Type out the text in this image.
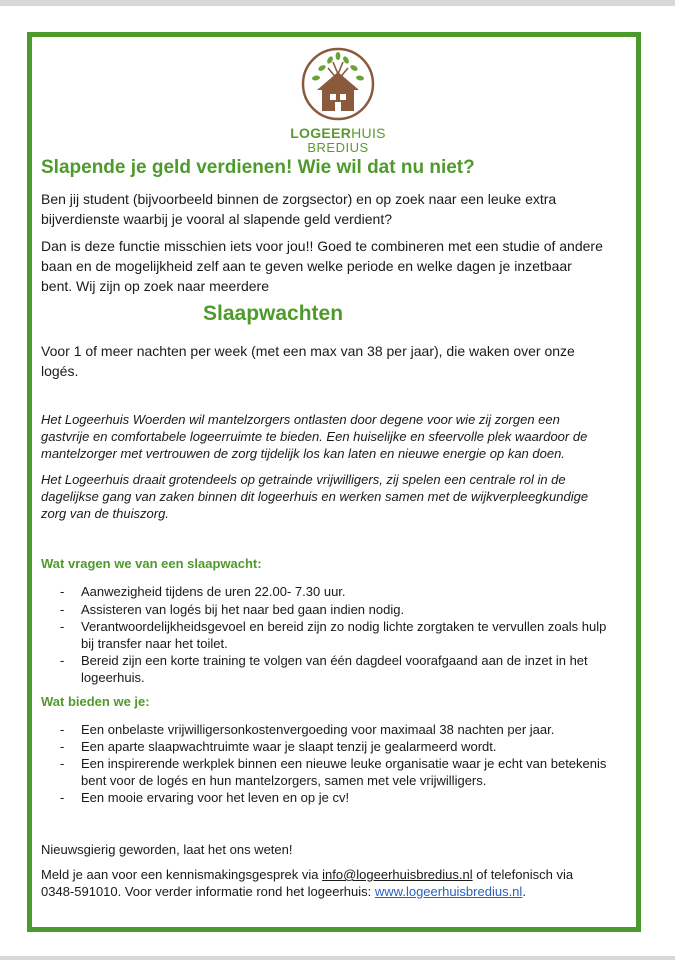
LOGEERHUIS
BREDIUS
Slapende je geld verdienen! Wie wil dat nu niet?
Ben jij student (bijvoorbeeld binnen de zorgsector) en op zoek naar een leuke extra
bijverdienste waarbij je vooral al slapende geld verdient?
Dan is deze functie misschien iets voor jou!! Goed te combineren met een studie of andere
baan en de mogelijkheid zelf aan te geven welke periode en welke dagen je inzetbaar
bent. Wij zijn op zoek naar meerdere
Slaapwachten
Voor 1 of meer nachten per week (met een max van 38 per jaar), die waken over onze
logés.
Het Logeerhuis Woerden wil mantelzorgers ontlasten door degene voor wie zij zorgen een
gastvrije en comfortabele logeerruimte te bieden. Een huiselijke en sfeervolle plek waardoor de
mantelzorger met vertrouwen de zorg tijdelijk los kan laten en nieuwe energie op kan doen.
Het Logeerhuis draait grotendeels op getrainde vrijwilligers, zij spelen een centrale rol in de
dagelijkse gang van zaken binnen dit logeerhuis en werken samen met de wijkverpleegkundige
zorg van de thuiszorg.
Wat vragen we van een slaapwacht:
- Aanwezigheid tijdens de uren 22.00- 7.30 uur.
- Assisteren van logés bij het naar bed gaan indien nodig.
- Verantwoordelijkheidsgevoel en bereid zijn zo nodig lichte zorgtaken te vervullen zoals hulp
bij transfer naar het toilet.
- Bereid zijn een korte training te volgen van één dagdeel voorafgaand aan de inzet in het
logeerhuis.
Wat bieden we je:
- Een onbelaste vrijwilligersonkostenvergoeding voor maximaal 38 nachten per jaar.
- Een aparte slaapwachtruimte waar je slaapt tenzij je gealarmeerd wordt.
- Een inspirerende werkplek binnen een nieuwe leuke organisatie waar je echt van betekenis
bent voor de logés en hun mantelzorgers, samen met vele vrijwilligers.
- Een mooie ervaring voor het leven en op je cv!
Nieuwsgierig geworden, laat het ons weten!
Meld je aan voor een kennismakingsgesprek via info@logeerhuisbredius.nl of telefonisch via
0348-591010. Voor verder informatie rond het logeerhuis: www.logeerhuisbredius.nl.
